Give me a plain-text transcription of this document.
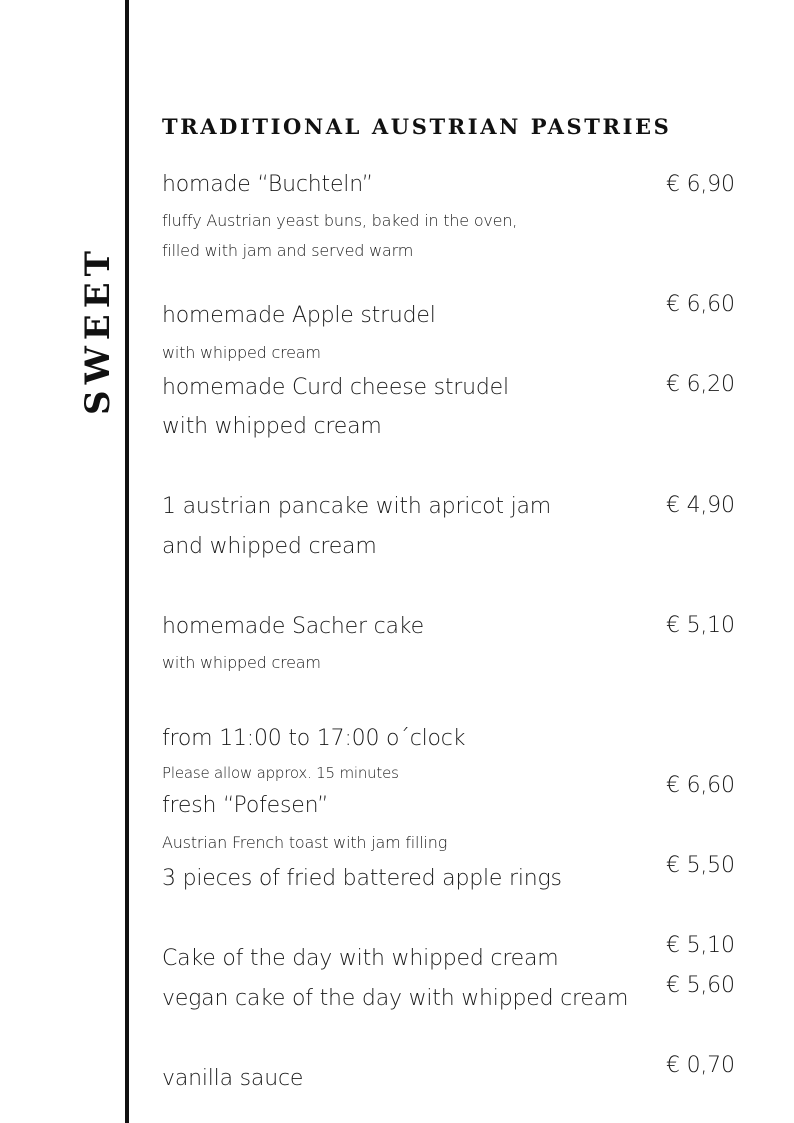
SWEET
TRADITIONAL AUSTRIAN PASTRIES
homade “Buchteln”
fluffy Austrian yeast buns, baked in the oven,
filled with jam and served warm
€ 6,90
homemade Apple strudel
with whipped cream
€ 6,60
homemade Curd cheese strudel
with whipped cream
€ 6,20
1 austrian pancake with apricot jam
and whipped cream
€ 4,90
homemade Sacher cake
with whipped cream
€ 5,10
from 11:00 to 17:00 o´clock
Please allow approx. 15 minutes
fresh “Pofesen”
Austrian French toast with jam filling
€ 6,60
3 pieces of fried battered apple rings
€ 5,50
Cake of the day with whipped cream
€ 5,10
vegan cake of the day with whipped cream
€ 5,60
vanilla sauce
€ 0,70
